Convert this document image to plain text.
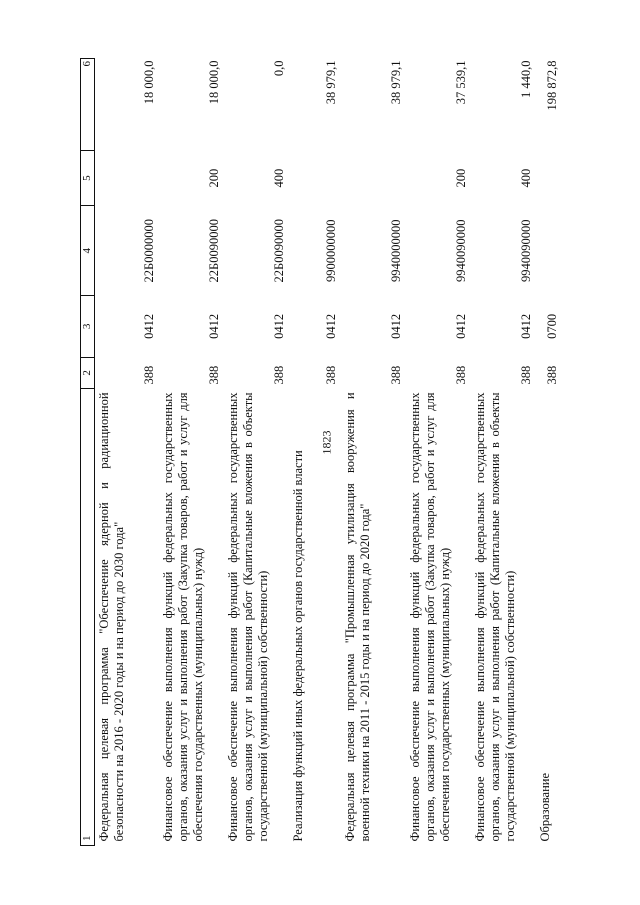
1823
1	2	3	4	5	6
Федеральная целевая программа "Обеспечение ядерной и радиационной безопасности на 2016 - 2020 годы и на период до 2030 года"	388	0412	22Б0000000		18 000,0
Финансовое обеспечение выполнения функций федеральных государственных органов, оказания услуг и выполнения работ (Закупка товаров, работ и услуг для обеспечения государственных (муниципальных) нужд)	388	0412	22Б0090000	200	18 000,0
Финансовое обеспечение выполнения функций федеральных государственных органов, оказания услуг и выполнения работ (Капитальные вложения в объекты государственной (муниципальной) собственности)	388	0412	22Б0090000	400	0,0
Реализация функций иных федеральных органов государственной власти	388	0412	9900000000		38 979,1
Федеральная целевая программа "Промышленная утилизация вооружения и военной техники на 2011 - 2015 годы и на период до 2020 года"	388	0412	9940000000		38 979,1
Финансовое обеспечение выполнения функций федеральных государственных органов, оказания услуг и выполнения работ (Закупка товаров, работ и услуг для обеспечения государственных (муниципальных) нужд)	388	0412	9940090000	200	37 539,1
Финансовое обеспечение выполнения функций федеральных государственных органов, оказания услуг и выполнения работ (Капитальные вложения в объекты государственной (муниципальной) собственности)	388	0412	9940090000	400	1 440,0
Образование	388	0700			198 872,8
